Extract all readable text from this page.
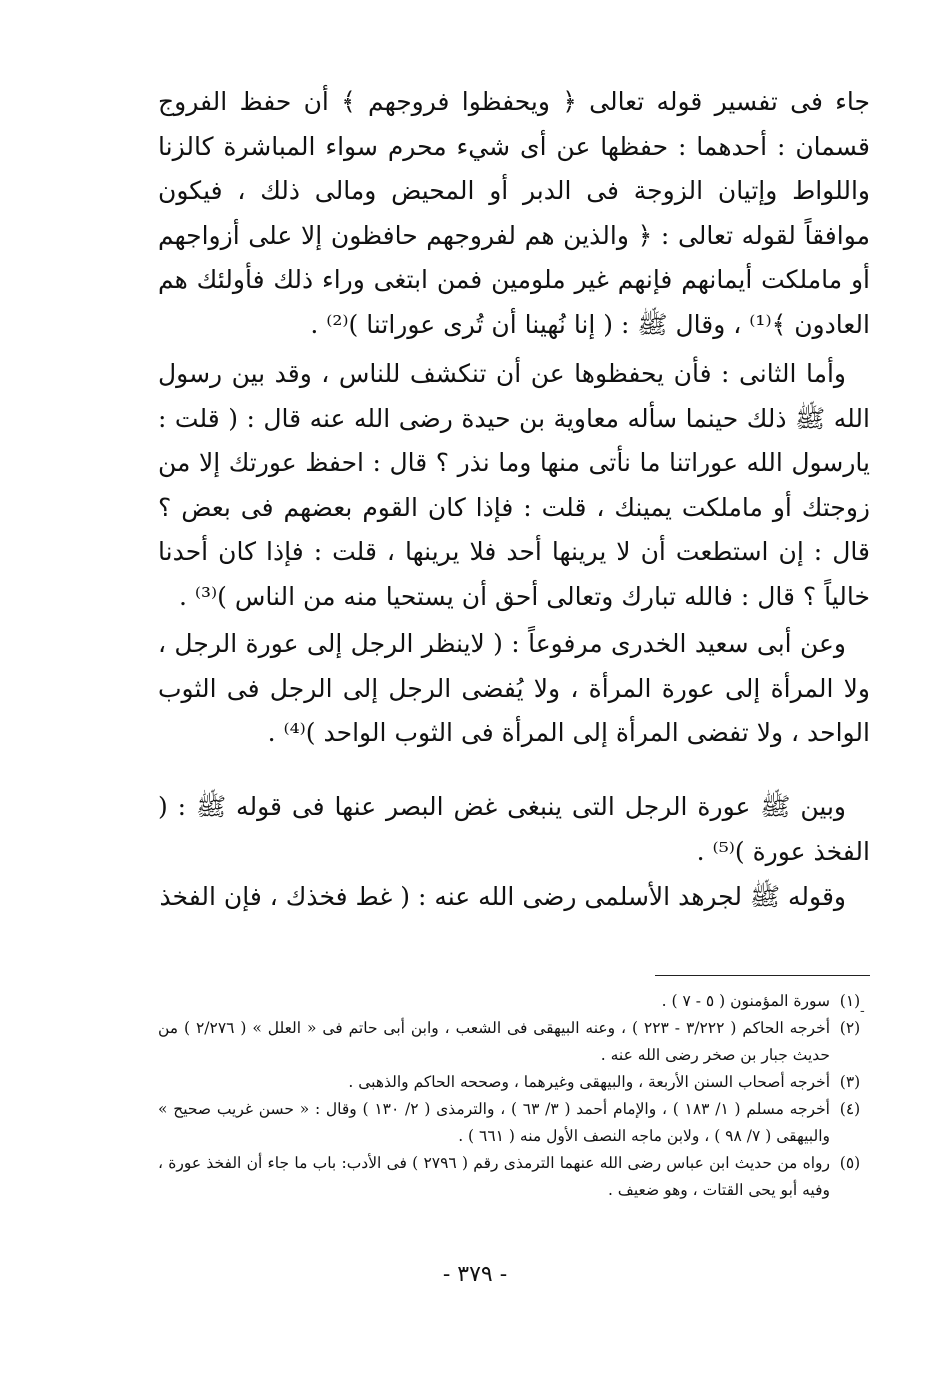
جاء فى تفسير قوله تعالى ﴿ ويحفظوا فروجهم ﴾ أن حفظ الفروج قسمان : أحدهما : حفظها عن أى شيء محرم سواء المباشرة كالزنا واللواط وإتيان الزوجة فى الدبر أو المحيض ومالى ذلك ، فيكون موافقاً لقوله تعالى : ﴿ والذين هم لفروجهم حافظون إلا على أزواجهم أو ماملكت أيمانهم فإنهم غير ملومين فمن ابتغى وراء ذلك فأولئك هم العادون ﴾⁽¹⁾ ، وقال ﷺ : ( إنا نُهينا أن تُرى عوراتنا )⁽²⁾ .

وأما الثانى : فأن يحفظوها عن أن تنكشف للناس ، وقد بين رسول الله ﷺ ذلك حينما سأله معاوية بن حيدة رضى الله عنه قال : ( قلت : يارسول الله عوراتنا ما نأتى منها وما نذر ؟ قال : احفظ عورتك إلا من زوجتك أو ماملكت يمينك ، قلت : فإذا كان القوم بعضهم فى بعض ؟ قال : إن استطعت أن لا يرينها أحد فلا يرينها ، قلت : فإذا كان أحدنا خالياً ؟ قال : فالله تبارك وتعالى أحق أن يستحيا منه من الناس )⁽³⁾ .

وعن أبى سعيد الخدرى مرفوعاً : ( لاينظر الرجل إلى عورة الرجل ، ولا المرأة إلى عورة المرأة ، ولا يُفضى الرجل إلى الرجل فى الثوب الواحد ، ولا تفضى المرأة إلى المرأة فى الثوب الواحد )⁽⁴⁾ .

وبين ﷺ عورة الرجل التى ينبغى غض البصر عنها فى قوله ﷺ : ( الفخذ عورة )⁽⁵⁾ .

وقوله ﷺ لجرهد الأسلمى رضى الله عنه : ( غط فخذك ، فإن الفخذ

(١)
سورة المؤمنون ( ٥ - ٧ ) .
(٢)
أخرجه الحاكم ( ٣/٢٢٢ - ٢٢٣ ) ، وعنه البيهقى فى الشعب ، وابن أبى حاتم فى « العلل » ( ٢/٢٧٦ ) من حديث جبار بن صخر رضى الله عنه .
(٣)
أخرجه أصحاب السنن الأربعة ، والبيهقى وغيرهما ، وصححه الحاكم والذهبى .
(٤)
أخرجه مسلم ( ١/ ١٨٣ ) ، والإمام أحمد ( ٣/ ٦٣ ) ، والترمذى ( ٢/ ١٣٠ ) وقال : « حسن غريب صحيح » والبيهقى ( ٧/ ٩٨ ) ، ولابن ماجه النصف الأول منه ( ٦٦١ ) .
(٥)
رواه من حديث ابن عباس رضى الله عنهما الترمذى رقم ( ٢٧٩٦ ) فى الأدب: باب ما جاء أن الفخذ عورة ، وفيه أبو يحى القتات ، وهو ضعيف .
-
- ٣٧٩ -
